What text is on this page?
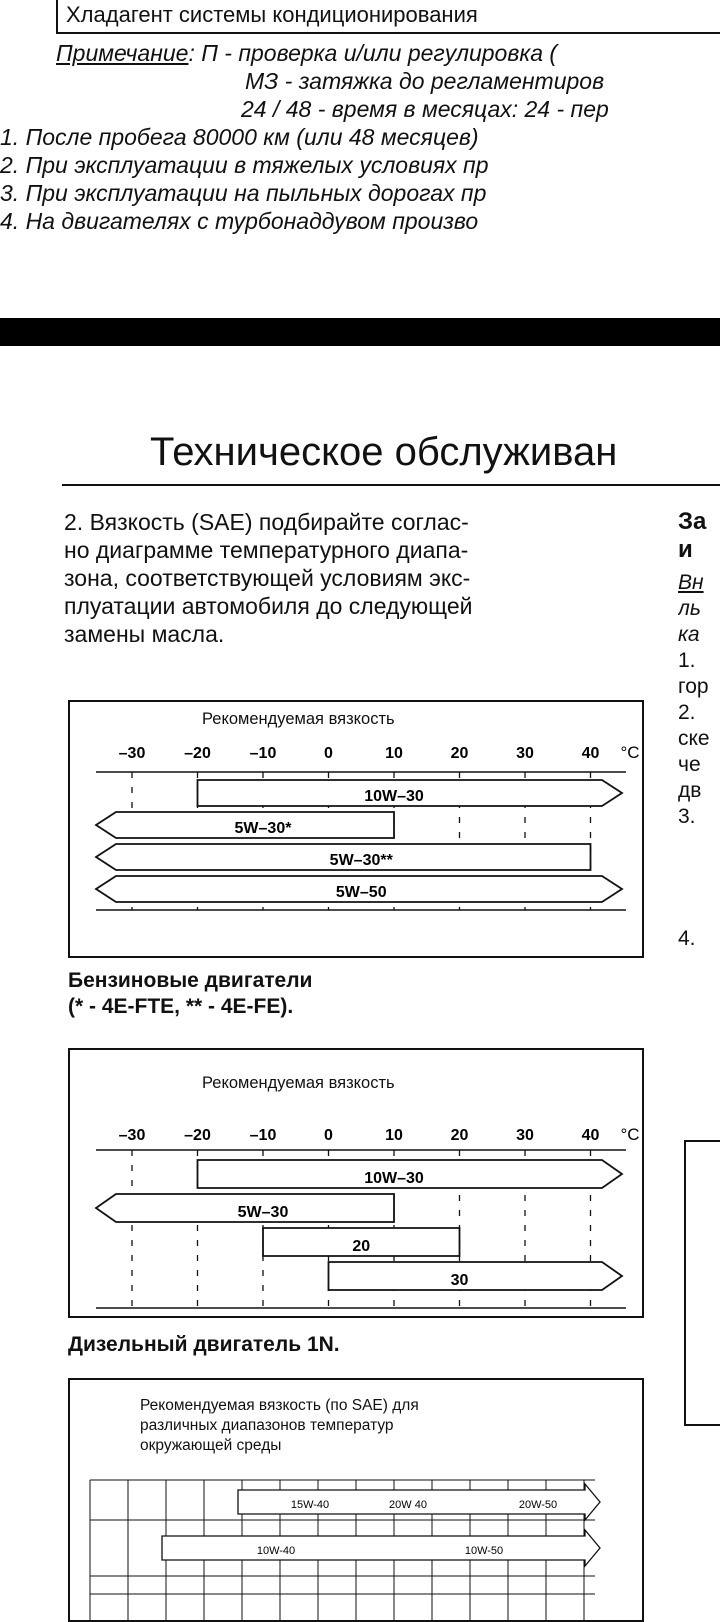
Хладагент системы кондиционирования
Примечание: П - проверка и/или регулировка (
МЗ - затяжка до регламентиров
24 / 48 - время в месяцах: 24 - пер
1. После пробега 80000 км (или 48 месяцев)
2. При эксплуатации в тяжелых условиях пр
3. При эксплуатации на пыльных дорогах пр
4. На двигателях с турбонаддувом произво
Техническое обслуживан
2. Вязкость (SAE) подбирайте соглас-
но диаграмме температурного диапа-
зона, соответствующей условиям экс-
плуатации автомобиля до следующей
замены масла.
За
и
Вн
ль
ка
1.
гор
2.
ске
че
дв
3.
4.
Рекомендуемая вязкость
–30 –20 –10	0	10	20	30	40 °C
10W–30
5W–30*
5W–30**
5W–50
Бензиновые двигатели
(* - 4E-FTE, ** - 4E-FE).
Рекомендуемая вязкость
–30 –20 –10	0	10	20	30	40 °C
10W–30
5W–30
20
30
Дизельный двигатель 1N.
Рекомендуемая вязкость (по SAE) для
различных диапазонов температур
окружающей среды
15W-40	20W 40	20W-50
10W-40	10W-50
